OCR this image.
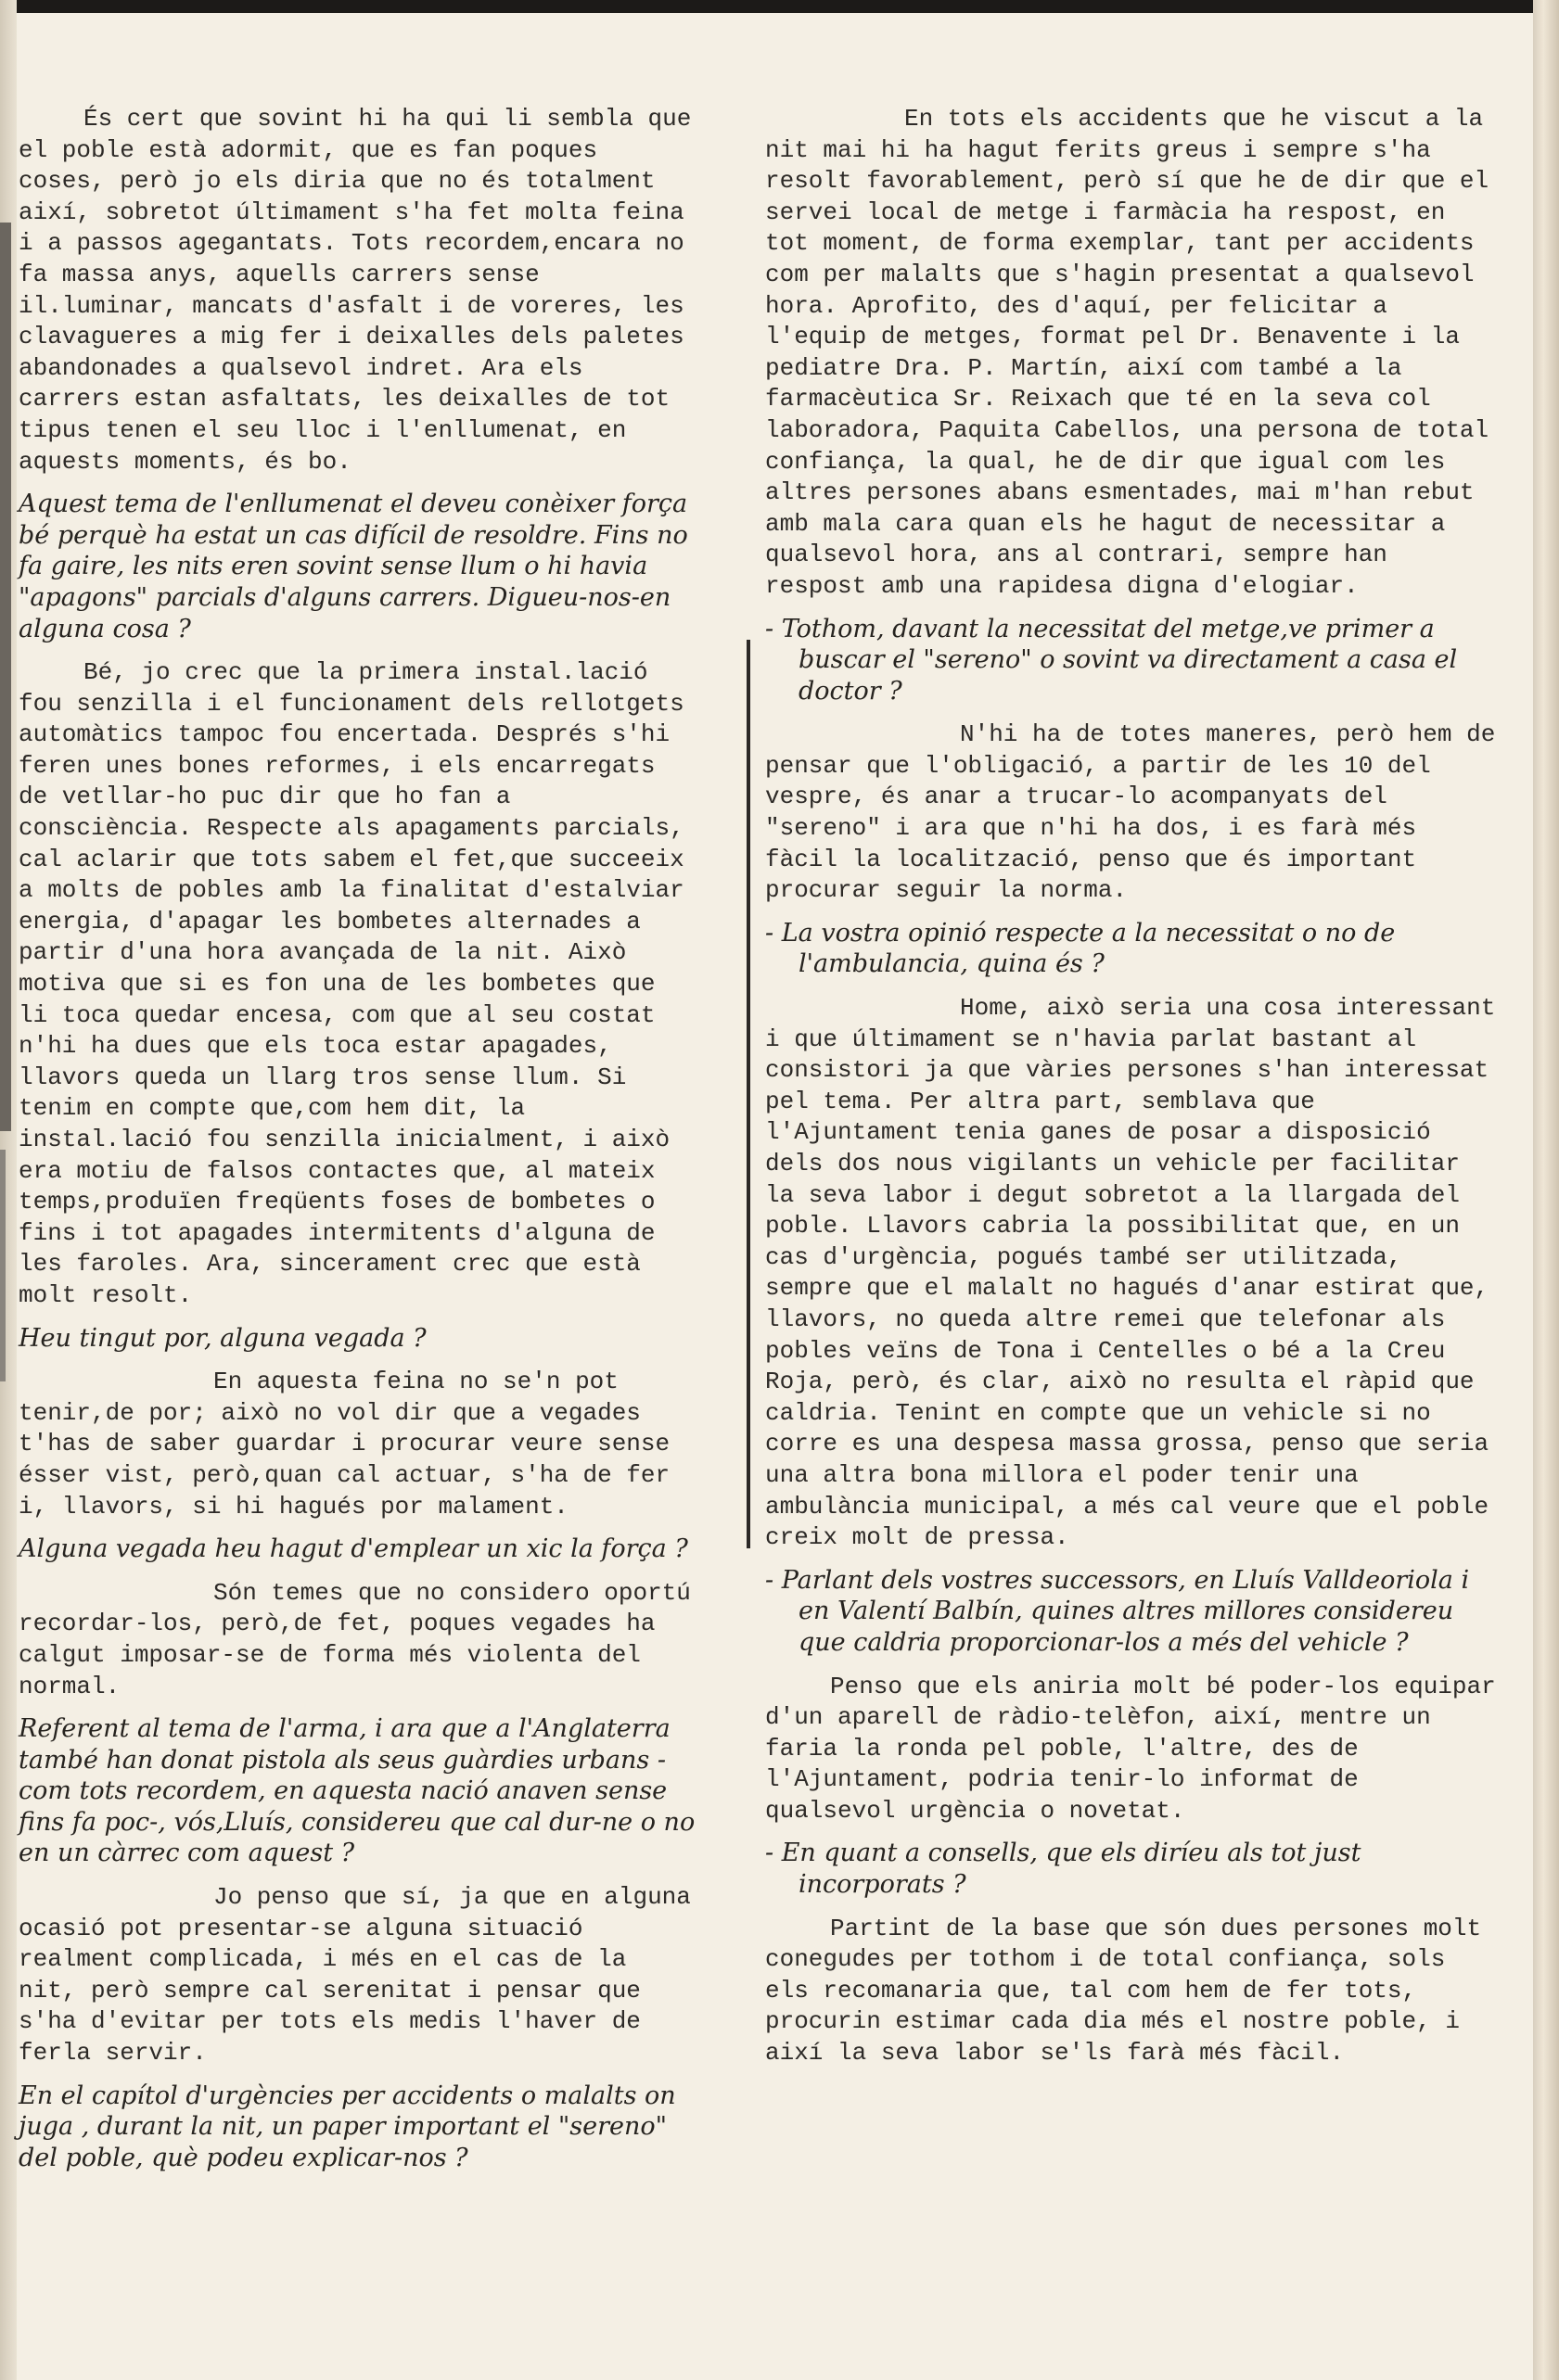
És cert que sovint hi ha qui li sembla que el poble està adormit, que es fan poques coses, però jo els diria que no és totalment així, sobretot últimament s'ha fet molta feina i a passos agegantats. Tots recordem,encara no fa massa anys, aquells carrers sense il.luminar, mancats d'asfalt i de voreres, les clavagueres a mig fer i deixalles dels paletes abandonades a qualsevol indret. Ara els carrers estan asfaltats, les deixalles de tot tipus tenen el seu lloc i l'enllumenat, en aquests moments, és bo.

Aquest tema de l'enllumenat el deveu conèixer força bé perquè ha estat un cas difícil de resoldre. Fins no fa gaire, les nits eren sovint sense llum o hi havia "apagons" parcials d'alguns carrers. Digueu-nos-en alguna cosa ?

Bé, jo crec que la primera instal.lació fou senzilla i el funcionament dels rellotgets automàtics tampoc fou encertada. Després s'hi feren unes bones reformes, i els encarregats de vetllar-ho puc dir que ho fan a consciència. Respecte als apagaments parcials, cal aclarir que tots sabem el fet,que succeeix a molts de pobles amb la finalitat d'estalviar energia, d'apagar les bombetes alternades a partir d'una hora avançada de la nit. Això motiva que si es fon una de les bombetes que li toca quedar encesa, com que al seu costat n'hi ha dues que els toca estar apagades, llavors queda un llarg tros sense llum. Si tenim en compte que,com hem dit, la instal.lació fou senzilla inicialment, i això era motiu de falsos contactes que, al mateix temps,produïen freqüents foses de bombetes o fins i tot apagades intermitents d'alguna de les faroles. Ara, sincerament crec que està molt resolt.

Heu tingut por, alguna vegada ?

En aquesta feina no se'n pot tenir,de por; això no vol dir que a vegades t'has de saber guardar i procurar veure sense ésser vist, però,quan cal actuar, s'ha de fer i, llavors, si hi hagués por malament.

Alguna vegada heu hagut d'emplear un xic la força ?

Són temes que no considero oportú recordar-los, però,de fet, poques vegades ha calgut imposar-se de forma més violenta del normal.

Referent al tema de l'arma, i ara que a l'Anglaterra també han donat pistola als seus guàrdies urbans -com tots recordem, en aquesta nació anaven sense fins fa poc-, vós,Lluís, considereu que cal dur-ne o no en un càrrec com aquest ?

Jo penso que sí, ja que en alguna ocasió pot presentar-se alguna situació realment complicada, i més en el cas de la nit, però sempre cal serenitat i pensar que s'ha d'evitar per tots els medis l'haver de ferla servir.

En el capítol d'urgències per accidents o malalts on juga , durant la nit, un paper important el "sereno" del poble, què podeu explicar-nos ?

En tots els accidents que he viscut a la nit mai hi ha hagut ferits greus i sempre s'ha resolt favorablement, però sí que he de dir que el servei local de metge i farmàcia ha respost, en tot moment, de forma exemplar, tant per accidents com per malalts que s'hagin presentat a qualsevol hora. Aprofito, des d'aquí, per felicitar a l'equip de metges, format pel Dr. Benavente i la pediatre Dra. P. Martín, així com també a la farmacèutica Sr. Reixach que té en la seva col laboradora, Paquita Cabellos, una persona de total confiança, la qual, he de dir que igual com les altres persones abans esmentades, mai m'han rebut amb mala cara quan els he hagut de necessitar a qualsevol hora, ans al contrari, sempre han respost amb una rapidesa digna d'elogiar.

- Tothom, davant la necessitat del metge,ve primer a buscar el "sereno" o sovint va directament a casa el doctor ?

N'hi ha de totes maneres, però hem de pensar que l'obligació, a partir de les 10 del vespre, és anar a trucar-lo acompanyats del "sereno" i ara que n'hi ha dos, i es farà més fàcil la localització, penso que és important procurar seguir la norma.

- La vostra opinió respecte a la necessitat o no de l'ambulancia, quina és ?

Home, això seria una cosa interessant i que últimament se n'havia parlat bastant al consistori ja que vàries persones s'han interessat pel tema. Per altra part, semblava que l'Ajuntament tenia ganes de posar a disposició dels dos nous vigilants un vehicle per facilitar la seva labor i degut sobretot a la llargada del poble. Llavors cabria la possibilitat que, en un cas d'urgència, pogués també ser utilitzada, sempre que el malalt no hagués d'anar estirat que, llavors, no queda altre remei que telefonar als pobles veïns de Tona i Centelles o bé a la Creu Roja, però, és clar, això no resulta el ràpid que caldria. Tenint en compte que un vehicle si no corre es una despesa massa grossa, penso que seria una altra bona millora el poder tenir una ambulància municipal, a més cal veure que el poble creix molt de pressa.

- Parlant dels vostres successors, en Lluís Valldeoriola i en Valentí Balbín, quines altres millores considereu que caldria proporcionar-los a més del vehicle ?

Penso que els aniria molt bé poder-los equipar d'un aparell de ràdio-telèfon, així, mentre un faria la ronda pel poble, l'altre, des de l'Ajuntament, podria tenir-lo informat de qualsevol urgència o novetat.

- En quant a consells, que els diríeu als tot just incorporats ?

Partint de la base que són dues persones molt conegudes per tothom i de total confiança, sols els recomanaria que, tal com hem de fer tots, procurin estimar cada dia més el nostre poble, i així la seva labor se'ls farà més fàcil.
